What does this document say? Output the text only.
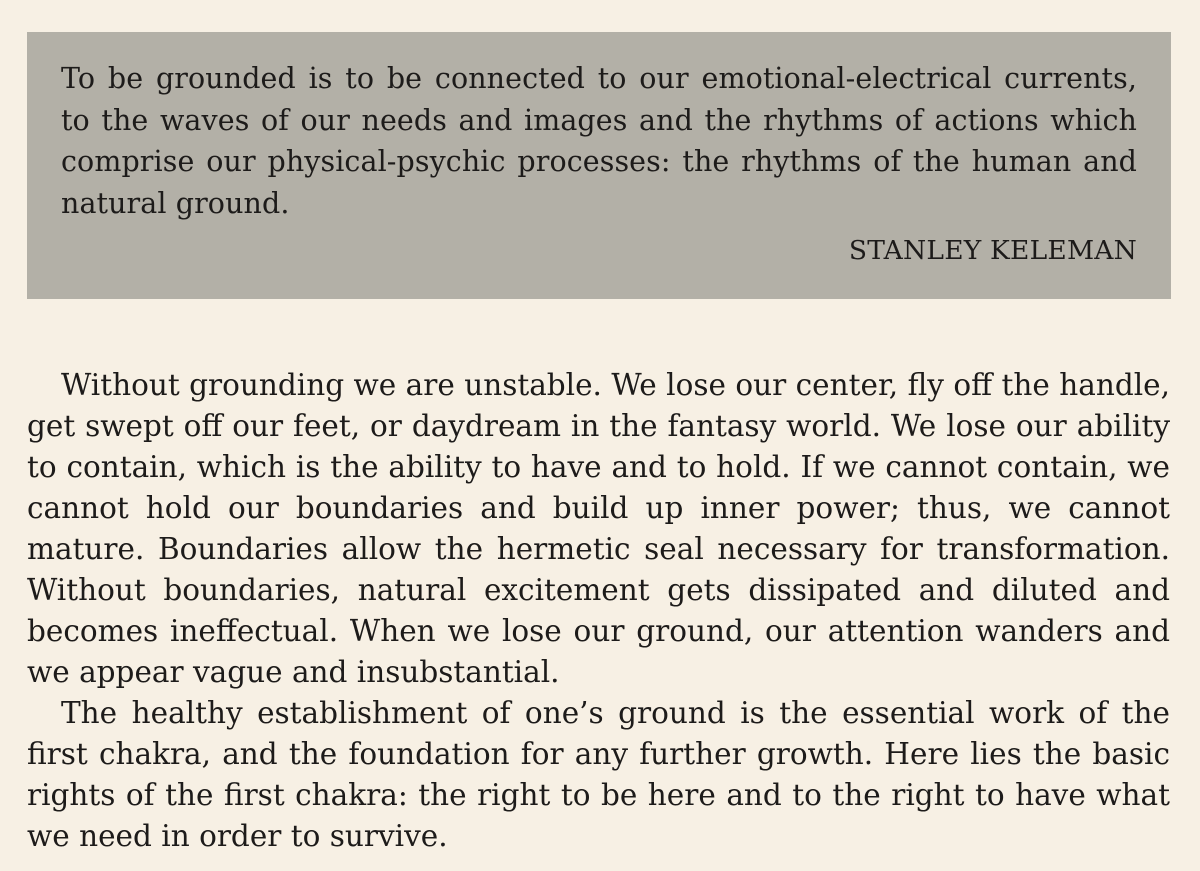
To be grounded is to be connected to our emotional-electrical currents, to the waves of our needs and images and the rhythms of actions which comprise our physical-psychic processes: the rhythms of the human and natural ground.

STANLEY KELEMAN

Without grounding we are unstable. We lose our center, fly off the handle, get swept off our feet, or daydream in the fantasy world. We lose our ability to contain, which is the ability to have and to hold. If we cannot contain, we cannot hold our boundaries and build up inner power; thus, we cannot mature. Boundaries allow the hermetic seal necessary for transformation. Without boundaries, natural excitement gets dissipated and diluted and becomes ineffectual. When we lose our ground, our attention wanders and we appear vague and insubstantial.

The healthy establishment of one’s ground is the essential work of the first chakra, and the foundation for any further growth. Here lies the basic rights of the first chakra: the right to be here and to the right to have what we need in order to survive.
